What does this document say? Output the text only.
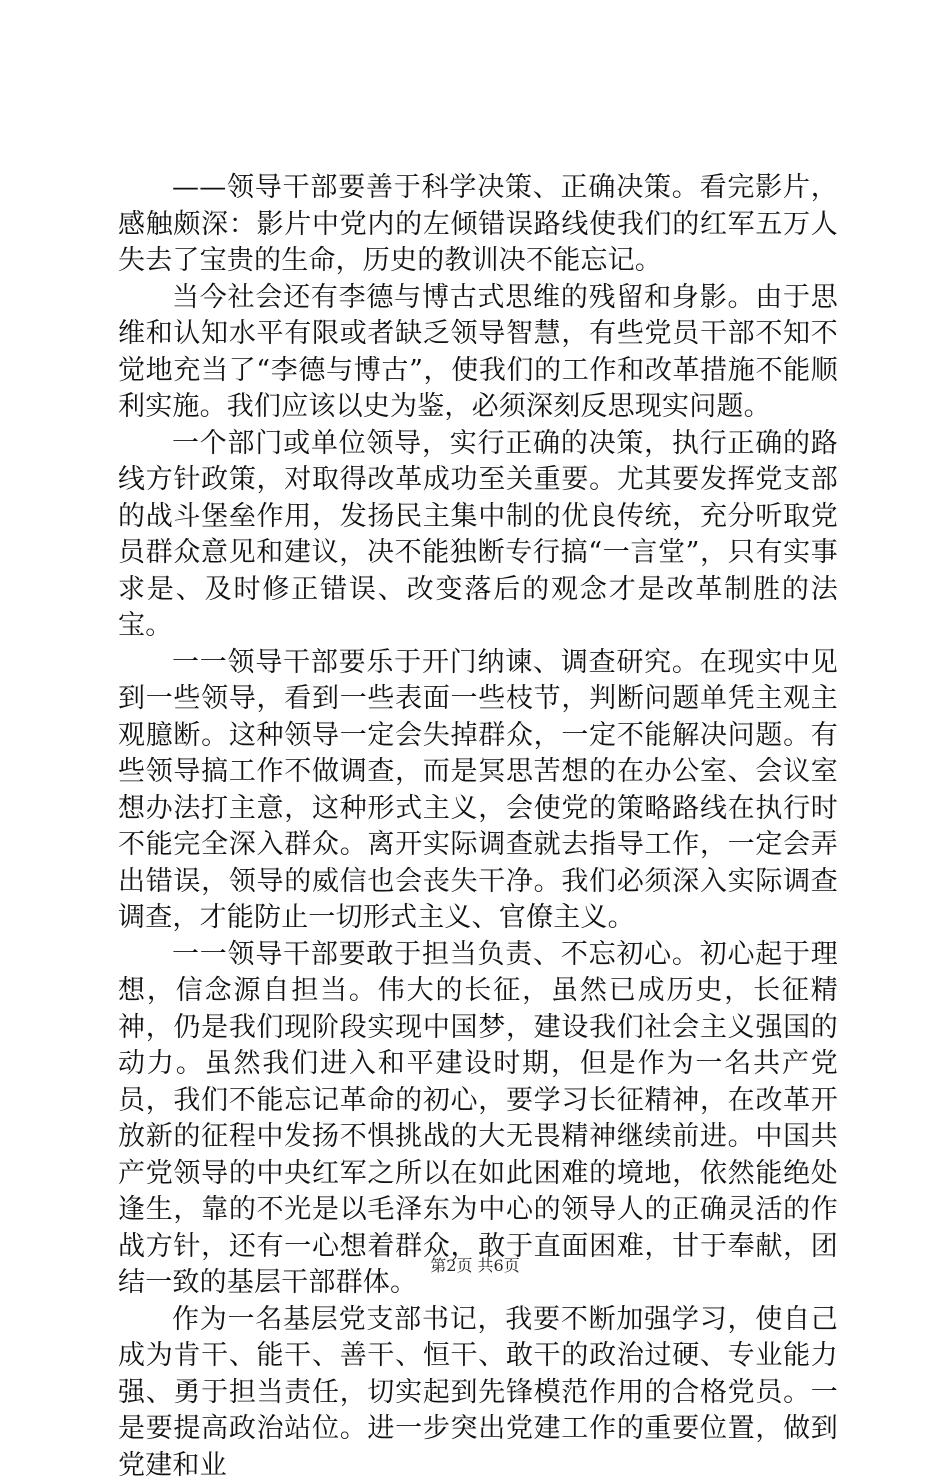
——领导干部要善于科学决策、正确决策。看完影片，感触颇深：影片中党内的左倾错误路线使我们的红军五万人失去了宝贵的生命，历史的教训决不能忘记。

当今社会还有李德与博古式思维的残留和身影。由于思维和认知水平有限或者缺乏领导智慧，有些党员干部不知不觉地充当了“李德与博古”，使我们的工作和改革措施不能顺利实施。我们应该以史为鉴，必须深刻反思现实问题。

一个部门或单位领导，实行正确的决策，执行正确的路线方针政策，对取得改革成功至关重要。尤其要发挥党支部的战斗堡垒作用，发扬民主集中制的优良传统，充分听取党员群众意见和建议，决不能独断专行搞“一言堂”，只有实事求是、及时修正错误、改变落后的观念才是改革制胜的法宝。

一一领导干部要乐于开门纳谏、调查研究。在现实中见到一些领导，看到一些表面一些枝节，判断问题单凭主观主观臆断。这种领导一定会失掉群众，一定不能解决问题。有些领导搞工作不做调查，而是冥思苦想的在办公室、会议室想办法打主意，这种形式主义，会使党的策略路线在执行时不能完全深入群众。离开实际调查就去指导工作，一定会弄出错误，领导的威信也会丧失干净。我们必须深入实际调查调查，才能防止一切形式主义、官僚主义。

一一领导干部要敢于担当负责、不忘初心。初心起于理想，信念源自担当。伟大的长征，虽然已成历史，长征精神，仍是我们现阶段实现中国梦，建设我们社会主义强国的动力。虽然我们进入和平建设时期，但是作为一名共产党员，我们不能忘记革命的初心，要学习长征精神，在改革开放新的征程中发扬不惧挑战的大无畏精神继续前进。中国共产党领导的中央红军之所以在如此困难的境地，依然能绝处逢生，靠的不光是以毛泽东为中心的领导人的正确灵活的作战方针，还有一心想着群众，敢于直面困难，甘于奉献，团结一致的基层干部群体。

作为一名基层党支部书记，我要不断加强学习，使自己成为肯干、能干、善干、恒干、敢干的政治过硬、专业能力强、勇于担当责任，切实起到先锋模范作用的合格党员。一是要提高政治站位。进一步突出党建工作的重要位置，做到党建和业

第2页 共6页
